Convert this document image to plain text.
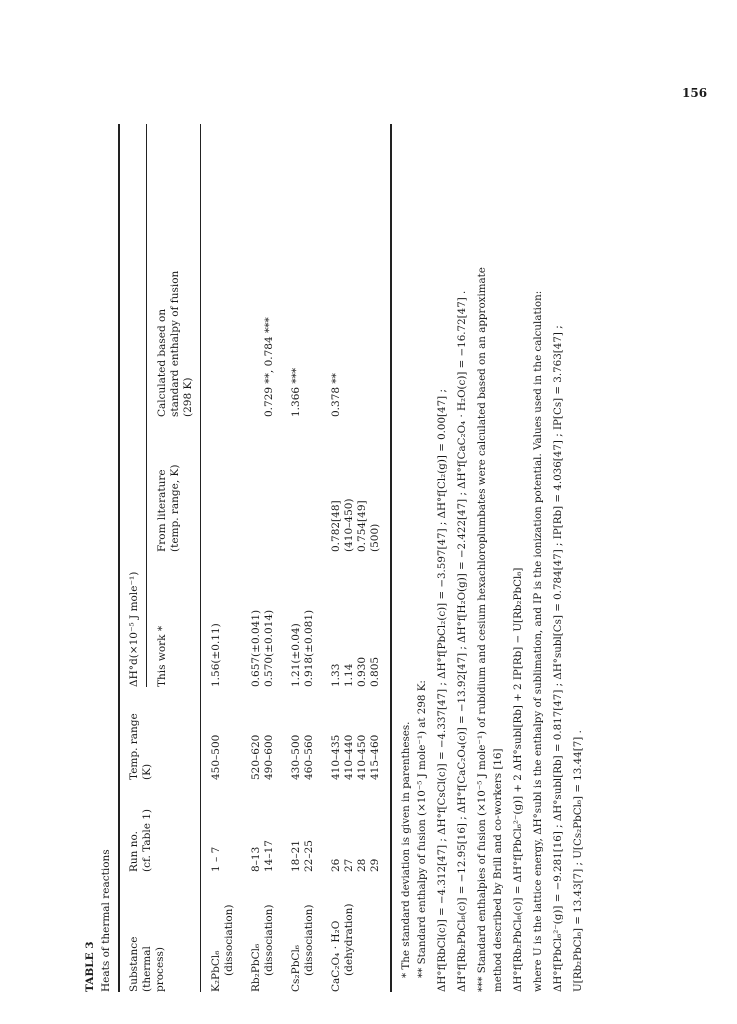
156
TABLE 3 Heats of thermal reactions Substance (thermal process)
Run no. (cf. Table 1)
Temp. range (K)
ΔH°d(×10⁻⁵ J mole⁻¹) This work *
From literature (temp. range, K)
Calculated based on standard enthalpy of fusion (298 K)
K₂PbCl₆ (dissociation)
1 – 7
450–500
1.56(±0.11)
Rb₂PbCl₆ (dissociation)
8–13 14–17
520–620 490–600
0.657(±0.041) 0.570(±0.014)
0.729 **, 0.784 ***
Cs₂PbCl₆ (dissociation)
18–21 22–25
430–500 460–560
1.21(±0.04) 0.918(±0.081)
1.366 ***
CaC₂O₄ · H₂O (dehydration)
26 27 28 29
410–435 410–440 410–450 415–460
1.33 1.14 0.930 0.805
0.782[48] (410–450) 0.754[49] (500)
0.378 **
* The standard deviation is given in parentheses. ** Standard enthalpy of fusion (×10⁻⁵ J mole⁻¹) at 298 K: ΔH°f[RbCl(c)] = −4.312[47] ; ΔH°f[CsCl(c)] = −4.337[47] ; ΔH°f[PbCl₂(c)] = −3.597[47] ; ΔH°f[Cl₂(g)] = 0.00[47] ; ΔH°f[Rb₂PbCl₆(c)] = −12.95[16] ; ΔH°f[CaC₂O₄(c)] = −13.92[47] ; ΔH°f[H₂O(g)] = −2.422[47] ; ΔH°f[CaC₂O₄ · H₂O(c)] = −16.72[47] . *** Standard enthalpies of fusion (×10⁻⁵ J mole⁻¹) of rubidium and cesium hexachloroplumbates were calculated based on an approximate method described by Brill and co-workers [16] ΔH°f[Rb₂PbCl₆(c)] = ΔH°f[PbCl₆²⁻(g)] + 2 ΔH°subl[Rb] + 2 IP[Rb] − U[Rb₂PbCl₆] where U is the lattice energy, ΔH°subl is the enthalpy of sublimation, and IP is the ionization potential. Values used in the calculation: ΔH°f[PbCl₆²⁻(g)] = −9.281[16] ; ΔH°subl[Rb] = 0.817[47] ; ΔH°subl[Cs] = 0.784[47] ; IP[Rb] = 4.036[47] ; IP[Cs] = 3.763[47] ; U[Rb₂PbCl₆] = 13.43[7] ; U[Cs₂PbCl₆] = 13.44[7] .
